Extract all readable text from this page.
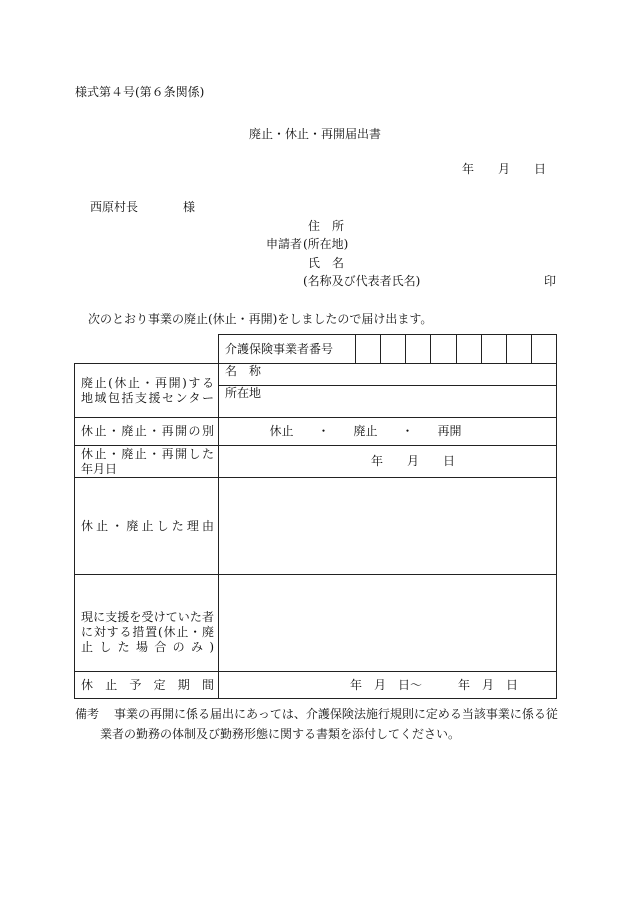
様式第４号(第６条関係)
廃止・休止・再開届出書
年 月 日
西原村長	様
住　所
申請者 (所在地)
氏　名
(名称及び代表者氏名)	印
次のとおり事業の廃止(休止・再開)をしましたので届け出ます。

	介護保険事業者番号

廃止(休止・再開)する
地域包括支援センター	名　称
	所在地

休止・廃止・再開の別	休止　　・　　廃止　　・　　再開

休止・廃止・再開した
年月日	年　　月　　日

休止・廃止した理由	

現に支援を受けていた者
に対する措置(休止・廃
止した場合のみ)	

休止予定期間	年　月　日～　　　年　月　日
備考 事業の再開に係る届出にあっては、介護保険法施行規則に定める当該事業に係る従
業者の勤務の体制及び勤務形態に関する書類を添付してください。
